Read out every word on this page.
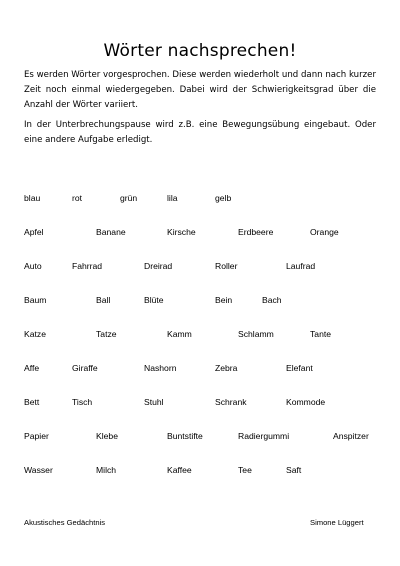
Wörter nachsprechen!
Es werden Wörter vorgesprochen. Diese werden wiederholt und dann nach kurzer Zeit noch einmal wiedergegeben. Dabei wird der Schwierigkeitsgrad über die Anzahl der Wörter variiert.
In der Unterbrechungspause wird z.B. eine Bewegungsübung eingebaut. Oder eine andere Aufgabe erledigt.
blau	rot	grün	lila	gelb
Apfel	Banane	Kirsche	Erdbeere	Orange
Auto	Fahrrad	Dreirad	Roller	Laufrad
Baum	Ball	Blüte	Bein	Bach
Katze	Tatze	Kamm	Schlamm	Tante
Affe	Giraffe	Nashorn	Zebra	Elefant
Bett	Tisch	Stuhl	Schrank	Kommode
Papier	Klebe	Buntstifte	Radiergummi	Anspitzer
Wasser	Milch	Kaffee	Tee	Saft
Akustisches Gedächtnis	Simone Lüggert
